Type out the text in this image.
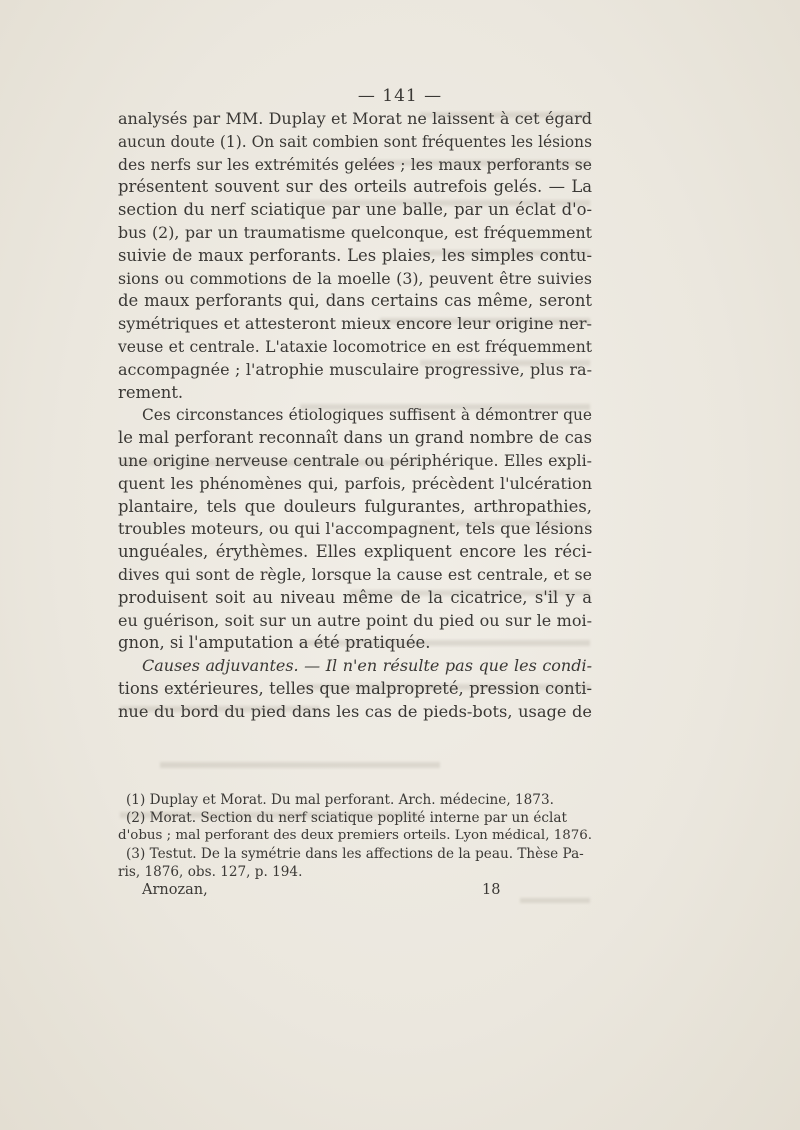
— 141 —
analysés par MM. Duplay et Morat ne laissent à cet égard
aucun doute (1). On sait combien sont fréquentes les lésions
des nerfs sur les extrémités gelées ; les maux perforants se
présentent souvent sur des orteils autrefois gelés. — La
section du nerf sciatique par une balle, par un éclat d'o-
bus (2), par un traumatisme quelconque, est fréquemment
suivie de maux perforants. Les plaies, les simples contu-
sions ou commotions de la moelle (3), peuvent être suivies
de maux perforants qui, dans certains cas même, seront
symétriques et attesteront mieux encore leur origine ner-
veuse et centrale. L'ataxie locomotrice en est fréquemment
accompagnée ; l'atrophie musculaire progressive, plus ra-
rement.
Ces circonstances étiologiques suffisent à démontrer que
le mal perforant reconnaît dans un grand nombre de cas
une origine nerveuse centrale ou périphérique. Elles expli-
quent les phénomènes qui, parfois, précèdent l'ulcération
plantaire, tels que douleurs fulgurantes, arthropathies,
troubles moteurs, ou qui l'accompagnent, tels que lésions
unguéales, érythèmes. Elles expliquent encore les réci-
dives qui sont de règle, lorsque la cause est centrale, et se
produisent soit au niveau même de la cicatrice, s'il y a
eu guérison, soit sur un autre point du pied ou sur le moi-
gnon, si l'amputation a été pratiquée.
Causes adjuvantes. — Il n'en résulte pas que les condi-
tions extérieures, telles que malpropreté, pression conti-
nue du bord du pied dans les cas de pieds-bots, usage de
(1) Duplay et Morat. Du mal perforant. Arch. médecine, 1873.
(2) Morat. Section du nerf sciatique poplité interne par un éclat
d'obus ; mal perforant des deux premiers orteils. Lyon médical, 1876.
(3) Testut. De la symétrie dans les affections de la peau. Thèse Pa-
ris, 1876, obs. 127, p. 194.
Arnozan,	18
